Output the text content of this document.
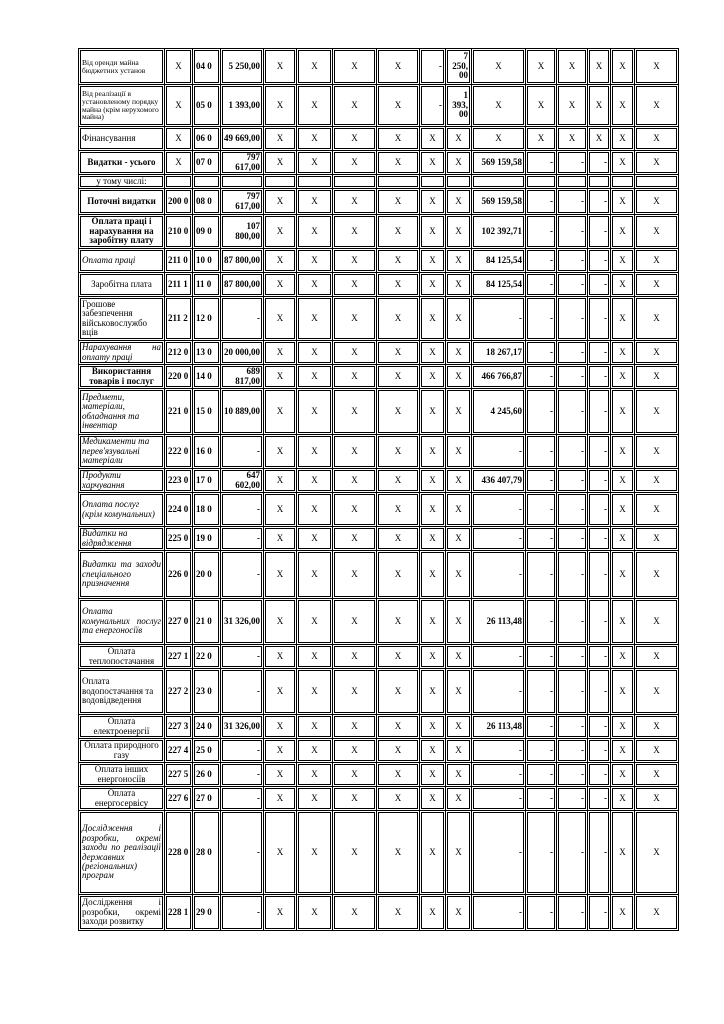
Від оренди майна бюджетних установ	X	04 0	5 250,00	X	X	X	X	-	7 250, 00	X	X	X	X	X	X
Від реалізації в установленому порядку майна (крім нерухомого майна)	X	05 0	1 393,00	X	X	X	X	-	1 393, 00	X	X	X	X	X	X
Фінансування	X	06 0	49 669,00	X	X	X	X	X	X	X	X	X	X	X	X
Видатки - усього	X	07 0	797 617,00	X	X	X	X	X	X	569 159,58	-	-	-	X	X
у тому числі:															
Поточні видатки	200 0	08 0	797 617,00	X	X	X	X	X	X	569 159,58	-	-	-	X	X
Оплата праці і нарахування на заробітну плату	210 0	09 0	107 800,00	X	X	X	X	X	X	102 392,71	-	-	-	X	X
Оплата праці	211 0	10 0	87 800,00	X	X	X	X	X	X	84 125,54	-	-	-	X	X
Заробітна плата	211 1	11 0	87 800,00	X	X	X	X	X	X	84 125,54	-	-	-	X	X
Грошове забезпечення військовослужбо вців	211 2	12 0	-	X	X	X	X	X	X	-	-	-	-	X	X
Нарахування на оплату праці	212 0	13 0	20 000,00	X	X	X	X	X	X	18 267,17	-	-	-	X	X
Використання товарів і послуг	220 0	14 0	689 817,00	X	X	X	X	X	X	466 766,87	-	-	-	X	X
Предмети, матеріали, обладнання та інвентар	221 0	15 0	10 889,00	X	X	X	X	X	X	4 245,60	-	-	-	X	X
Медикаменти та перев'язувальні матеріали	222 0	16 0	-	X	X	X	X	X	X	-	-	-	-	X	X
Продукти харчування	223 0	17 0	647 602,00	X	X	X	X	X	X	436 407,79	-	-	-	X	X
Оплата послуг (крім комунальних)	224 0	18 0	-	X	X	X	X	X	X	-	-	-	-	X	X
Видатки на відрядження	225 0	19 0	-	X	X	X	X	X	X	-	-	-	-	X	X
Видатки та заходи спеціального призначення	226 0	20 0	-	X	X	X	X	X	X	-	-	-	-	X	X
Оплата комунальних послуг та енергоносіїв	227 0	21 0	31 326,00	X	X	X	X	X	X	26 113,48	-	-	-	X	X
Оплата теплопостачання	227 1	22 0	-	X	X	X	X	X	X	-	-	-	-	X	X
Оплата водопостачання та водовідведення	227 2	23 0	-	X	X	X	X	X	X	-	-	-	-	X	X
Оплата електроенергії	227 3	24 0	31 326,00	X	X	X	X	X	X	26 113,48	-	-	-	X	X
Оплата природного газу	227 4	25 0	-	X	X	X	X	X	X	-	-	-	-	X	X
Оплата інших енергоносіїв	227 5	26 0	-	X	X	X	X	X	X	-	-	-	-	X	X
Оплата енергосервісу	227 6	27 0	-	X	X	X	X	X	X	-	-	-	-	X	X
Дослідження і розробки, окремі заходи по реалізації державних (регіональних) програм	228 0	28 0	-	X	X	X	X	X	X	-	-	-	-	X	X
Дослідження і розробки, окремі заходи розвитку	228 1	29 0	-	X	X	X	X	X	X	-	-	-	-	X	X
